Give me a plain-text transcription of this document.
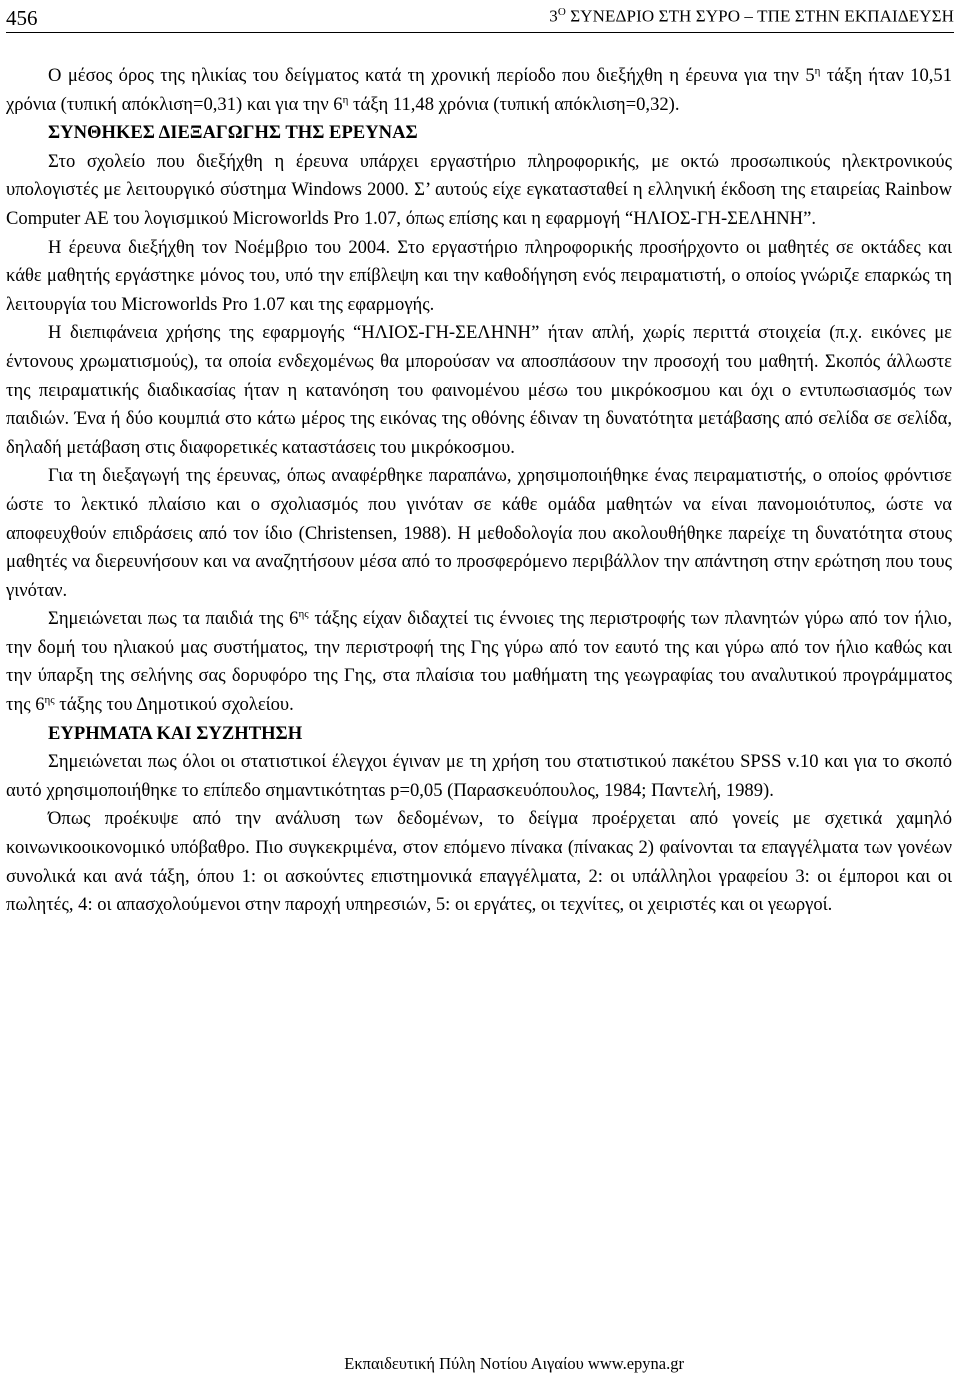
456	$3^O$ ΣΥΝΕΔΡΙΟ ΣΤΗ ΣΥΡΟ – ΤΠΕ ΣΤΗΝ ΕΚΠΑΙΔΕΥΣΗ

Ο μέσος όρος της ηλικίας του δείγματος κατά τη χρονική περίοδο που διεξήχθη η έρευνα για την $5^\eta$ τάξη ήταν 10,51 χρόνια (τυπική απόκλιση=0,31) και για την $6^\eta$ τάξη 11,48 χρόνια (τυπική απόκλιση=0,32).

ΣΥΝΘΗΚΕΣ ΔΙΕΞΑΓΩΓΗΣ ΤΗΣ ΕΡΕΥΝΑΣ

Στο σχολείο που διεξήχθη η έρευνα υπάρχει εργαστήριο πληροφορικής, με οκτώ προσωπικούς ηλεκτρονικούς υπολογιστές με λειτουργικό σύστημα Windows 2000. Σ’ αυτούς είχε εγκατασταθεί η ελληνική έκδοση της εταιρείας Rainbow Computer AE του λογισμικού Microworlds Pro 1.07, όπως επίσης και η εφαρμογή “ΗΛΙΟΣ-ΓΗ-ΣΕΛΗΝΗ”.

Η έρευνα διεξήχθη τον Νοέμβριο του 2004. Στο εργαστήριο πληροφορικής προσήρχοντο οι μαθητές σε οκτάδες και κάθε μαθητής εργάστηκε μόνος του, υπό την επίβλεψη και την καθοδήγηση ενός πειραματιστή, ο οποίος γνώριζε επαρκώς τη λειτουργία του Microworlds Pro 1.07 και της εφαρμογής.

Η διεπιφάνεια χρήσης της εφαρμογής “ΗΛΙΟΣ-ΓΗ-ΣΕΛΗΝΗ” ήταν απλή, χωρίς περιττά στοιχεία (π.χ. εικόνες με έντονους χρωματισμούς), τα οποία ενδεχομένως θα μπορούσαν να αποσπάσουν την προσοχή του μαθητή. Σκοπός άλλωστε της πειραματικής διαδικασίας ήταν η κατανόηση του φαινομένου μέσω του μικρόκοσμου και όχι ο εντυπωσιασμός των παιδιών. Ένα ή δύο κουμπιά στο κάτω μέρος της εικόνας της οθόνης έδιναν τη δυνατότητα μετάβασης από σελίδα σε σελίδα, δηλαδή μετάβαση στις διαφορετικές καταστάσεις του μικρόκοσμου.

Για τη διεξαγωγή της έρευνας, όπως αναφέρθηκε παραπάνω, χρησιμοποιήθηκε ένας πειραματιστής, ο οποίος φρόντισε ώστε το λεκτικό πλαίσιο και ο σχολιασμός που γινόταν σε κάθε ομάδα μαθητών να είναι πανομοιότυπος, ώστε να αποφευχθούν επιδράσεις από τον ίδιο (Christensen, 1988). Η μεθοδολογία που ακολουθήθηκε παρείχε τη δυνατότητα στους μαθητές να διερευνήσουν και να αναζητήσουν μέσα από το προσφερόμενο περιβάλλον την απάντηση στην ερώτηση που τους γινόταν.

Σημειώνεται πως τα παιδιά της $6^{\eta\varsigma}$ τάξης είχαν διδαχτεί τις έννοιες της περιστροφής των πλανητών γύρω από τον ήλιο, την δομή του ηλιακού μας συστήματος, την περιστροφή της Γης γύρω από τον εαυτό της και γύρω από τον ήλιο καθώς και την ύπαρξη της σελήνης σας δορυφόρο της Γης, στα πλαίσια του μαθήματη της γεωγραφίας του αναλυτικού προγράμματος της $6^{\eta\varsigma}$ τάξης του Δημοτικού σχολείου.

ΕΥΡΗΜΑΤΑ ΚΑΙ ΣΥΖΗΤΗΣΗ

Σημειώνεται πως όλοι οι στατιστικοί έλεγχοι έγιναν με τη χρήση του στατιστικού πακέτου SPSS v.10 και για το σκοπό αυτό χρησιμοποιήθηκε το επίπεδο σημαντικότηταs p=0,05 (Παρασκευόπουλος, 1984; Παντελή, 1989).

Όπως προέκυψε από την ανάλυση των δεδομένων, το δείγμα προέρχεται από γονείς με σχετικά χαμηλό κοινωνικοοικονομικό υπόβαθρο. Πιο συγκεκριμένα, στον επόμενο πίνακα (πίνακας 2) φαίνονται τα επαγγέλματα των γονέων συνολικά και ανά τάξη, όπου 1: οι ασκούντες επιστημονικά επαγγέλματα, 2: οι υπάλληλοι γραφείου 3: οι έμποροι και οι πωλητές, 4: οι απασχολούμενοι στην παροχή υπηρεσιών, 5: οι εργάτες, οι τεχνίτες, οι χειριστές και οι γεωργοί.

Εκπαιδευτική Πύλη Νοτίου Αιγαίου www.epyna.gr
